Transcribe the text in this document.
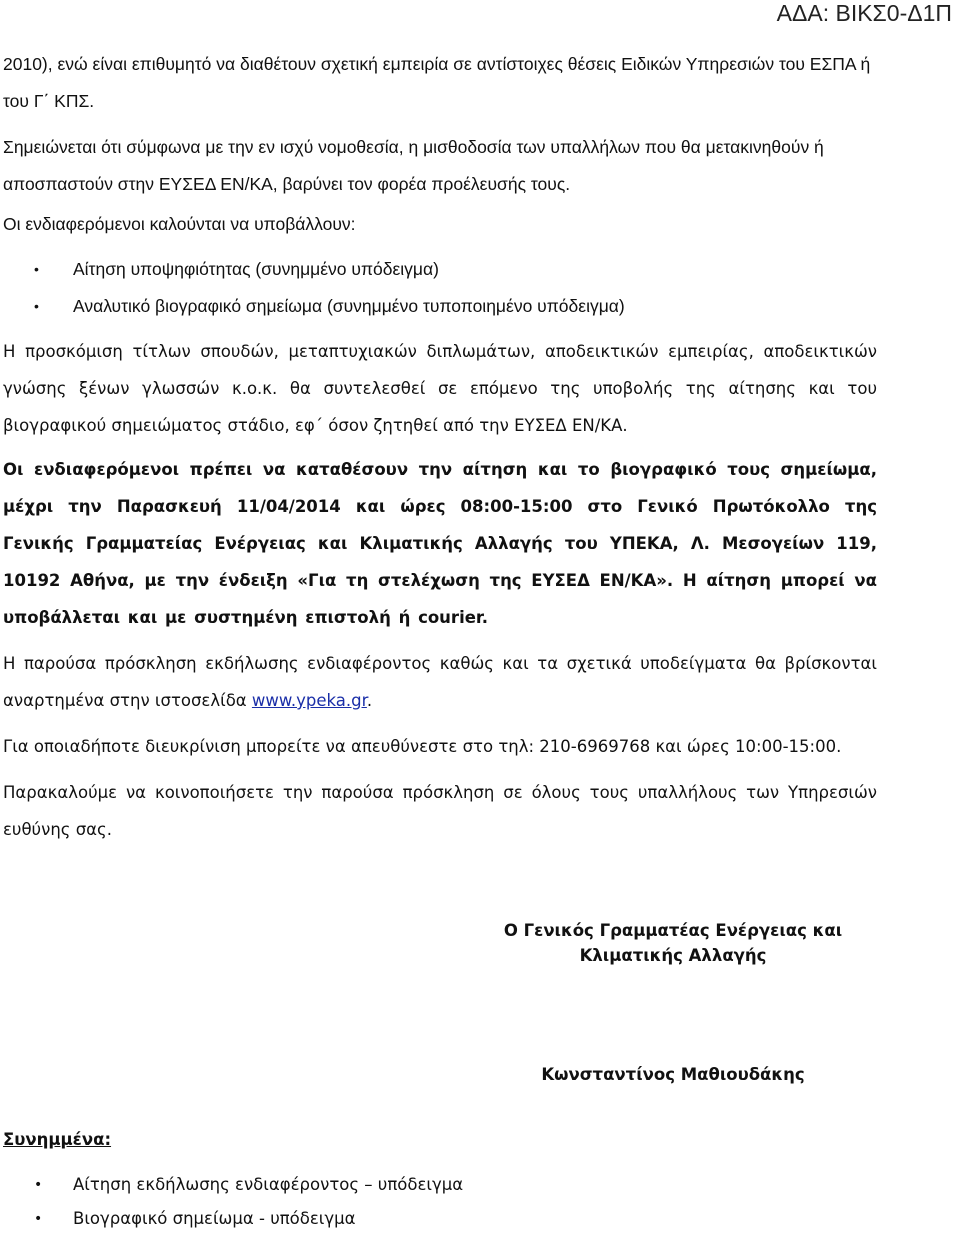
ΑΔΑ: ΒΙΚΣ0-Δ1Π

2010), ενώ είναι επιθυμητό να διαθέτουν σχετική εμπειρία σε αντίστοιχες θέσεις Ειδικών Υπηρεσιών του ΕΣΠΑ ή του Γ΄ ΚΠΣ.

Σημειώνεται ότι σύμφωνα με την εν ισχύ νομοθεσία, η μισθοδοσία των υπαλλήλων που θα μετακινηθούν ή αποσπαστούν στην ΕΥΣΕΔ ΕΝ/ΚΑ, βαρύνει τον φορέα προέλευσής τους.

Οι ενδιαφερόμενοι καλούνται να υποβάλλουν:

• Αίτηση υποψηφιότητας (συνημμένο υπόδειγμα)
• Αναλυτικό βιογραφικό σημείωμα (συνημμένο τυποποιημένο υπόδειγμα)

Η προσκόμιση τίτλων σπουδών, μεταπτυχιακών διπλωμάτων, αποδεικτικών εμπειρίας, αποδεικτικών γνώσης ξένων γλωσσών κ.ο.κ. θα συντελεσθεί σε επόμενο της υποβολής της αίτησης και του βιογραφικού σημειώματος στάδιο, εφ΄ όσον ζητηθεί από την ΕΥΣΕΔ ΕΝ/ΚΑ.

Οι ενδιαφερόμενοι πρέπει να καταθέσουν την αίτηση και το βιογραφικό τους σημείωμα, μέχρι την Παρασκευή 11/04/2014 και ώρες 08:00-15:00 στο Γενικό Πρωτόκολλο της Γενικής Γραμματείας Ενέργειας και Κλιματικής Αλλαγής του ΥΠΕΚΑ, Λ. Μεσογείων 119, 10192 Αθήνα, με την ένδειξη «Για τη στελέχωση της ΕΥΣΕΔ ΕΝ/ΚΑ». Η αίτηση μπορεί να υποβάλλεται και με συστημένη επιστολή ή courier.

Η παρούσα πρόσκληση εκδήλωσης ενδιαφέροντος καθώς και τα σχετικά υποδείγματα θα βρίσκονται αναρτημένα στην ιστοσελίδα www.ypeka.gr.

Για οποιαδήποτε διευκρίνιση μπορείτε να απευθύνεστε στο τηλ: 210-6969768 και ώρες 10:00-15:00.

Παρακαλούμε να κοινοποιήσετε την παρούσα πρόσκληση σε όλους τους υπαλλήλους των Υπηρεσιών ευθύνης σας.

Ο Γενικός Γραμματέας Ενέργειας και
Κλιματικής Αλλαγής
Κωνσταντίνος Μαθιουδάκης
Συνημμένα:
• Αίτηση εκδήλωσης ενδιαφέροντος – υπόδειγμα
• Βιογραφικό σημείωμα - υπόδειγμα
